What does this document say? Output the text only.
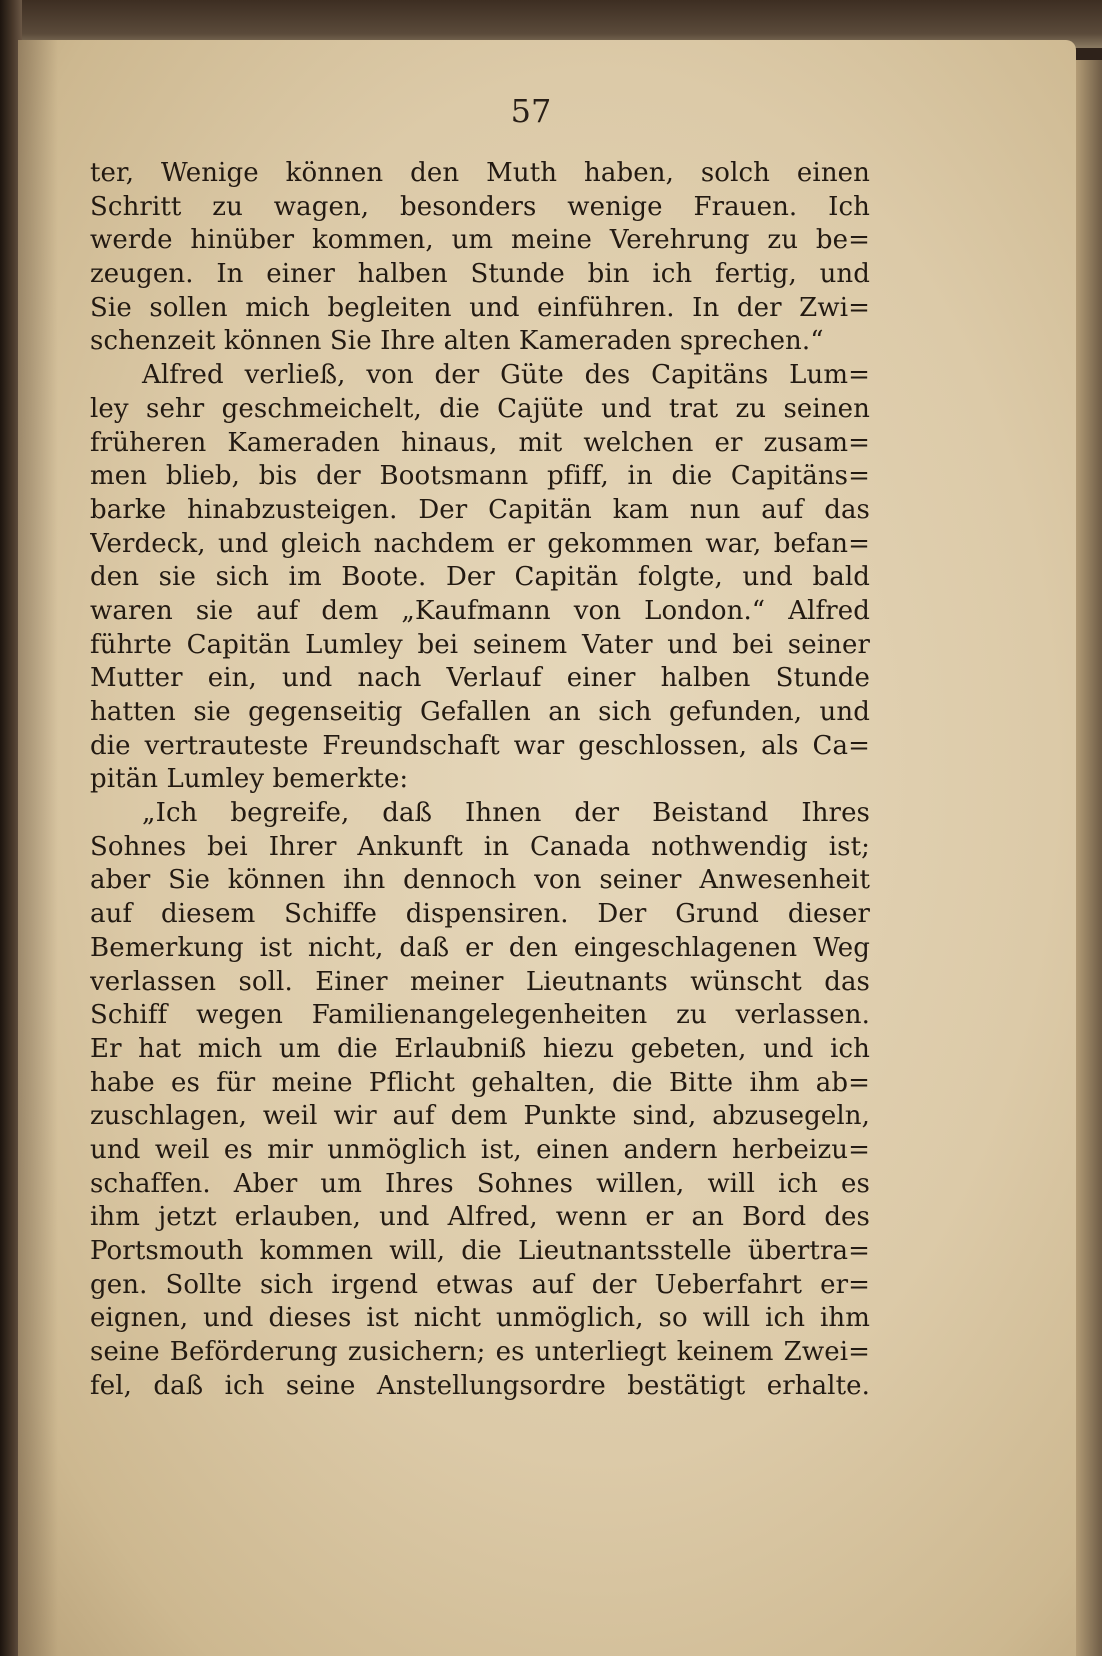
57
ter, Wenige können den Muth haben, solch einen
Schritt zu wagen, besonders wenige Frauen. Ich
werde hinüber kommen, um meine Verehrung zu be=
zeugen. In einer halben Stunde bin ich fertig, und
Sie sollen mich begleiten und einführen. In der Zwi=
schenzeit können Sie Ihre alten Kameraden sprechen.“
Alfred verließ, von der Güte des Capitäns Lum=
ley sehr geschmeichelt, die Cajüte und trat zu seinen
früheren Kameraden hinaus, mit welchen er zusam=
men blieb, bis der Bootsmann pfiff, in die Capitäns=
barke hinabzusteigen. Der Capitän kam nun auf das
Verdeck, und gleich nachdem er gekommen war, befan=
den sie sich im Boote. Der Capitän folgte, und bald
waren sie auf dem „Kaufmann von London.“ Alfred
führte Capitän Lumley bei seinem Vater und bei seiner
Mutter ein, und nach Verlauf einer halben Stunde
hatten sie gegenseitig Gefallen an sich gefunden, und
die vertrauteste Freundschaft war geschlossen, als Ca=
pitän Lumley bemerkte:
„Ich begreife, daß Ihnen der Beistand Ihres
Sohnes bei Ihrer Ankunft in Canada nothwendig ist;
aber Sie können ihn dennoch von seiner Anwesenheit
auf diesem Schiffe dispensiren. Der Grund dieser
Bemerkung ist nicht, daß er den eingeschlagenen Weg
verlassen soll. Einer meiner Lieutnants wünscht das
Schiff wegen Familienangelegenheiten zu verlassen.
Er hat mich um die Erlaubniß hiezu gebeten, und ich
habe es für meine Pflicht gehalten, die Bitte ihm ab=
zuschlagen, weil wir auf dem Punkte sind, abzusegeln,
und weil es mir unmöglich ist, einen andern herbeizu=
schaffen. Aber um Ihres Sohnes willen, will ich es
ihm jetzt erlauben, und Alfred, wenn er an Bord des
Portsmouth kommen will, die Lieutnantsstelle übertra=
gen. Sollte sich irgend etwas auf der Ueberfahrt er=
eignen, und dieses ist nicht unmöglich, so will ich ihm
seine Beförderung zusichern; es unterliegt keinem Zwei=
fel, daß ich seine Anstellungsordre bestätigt erhalte.
